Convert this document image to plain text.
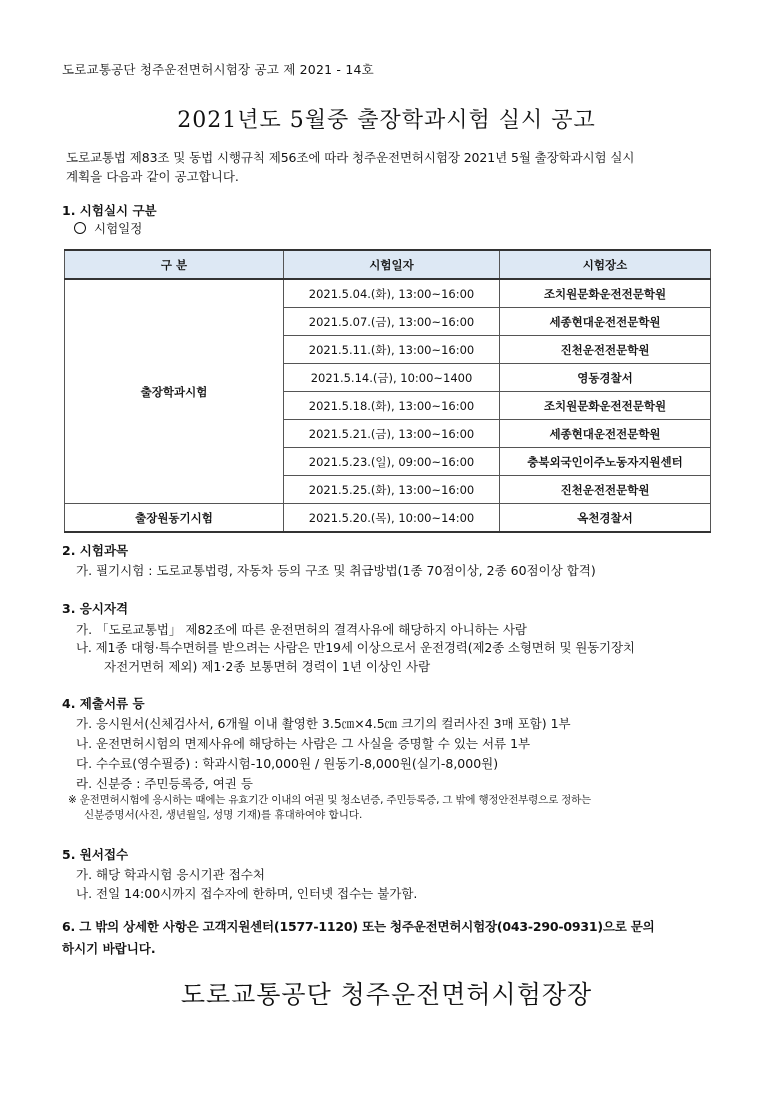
도로교통공단 청주운전면허시험장 공고 제 2021 - 14호
2021년도 5월중 출장학과시험 실시 공고
도로교통법 제83조 및 동법 시행규칙 제56조에 따라 청주운전면허시험장 2021년 5월 출장학과시험 실시
계획을 다음과 같이 공고합니다.
1. 시험실시 구분
시험일정
구 분	시험일자	시험장소
출장학과시험	2021.5.04.(화), 13:00~16:00	조치원문화운전전문학원
	2021.5.07.(금), 13:00~16:00	세종현대운전전문학원
	2021.5.11.(화), 13:00~16:00	진천운전전문학원
	2021.5.14.(금), 10:00~1400	영동경찰서
	2021.5.18.(화), 13:00~16:00	조치원문화운전전문학원
	2021.5.21.(금), 13:00~16:00	세종현대운전전문학원
	2021.5.23.(일), 09:00~16:00	충북외국인이주노동자지원센터
	2021.5.25.(화), 13:00~16:00	진천운전전문학원
출장원동기시험	2021.5.20.(목), 10:00~14:00	옥천경찰서
2. 시험과목
가. 필기시험 : 도로교통법령, 자동차 등의 구조 및 취급방법(1종 70점이상, 2종 60점이상 합격)
3. 응시자격
가. 「도로교통법」 제82조에 따른 운전면허의 결격사유에 해당하지 아니하는 사람
나. 제1종 대형·특수면허를 받으려는 사람은 만19세 이상으로서 운전경력(제2종 소형면허 및 원동기장치
자전거면허 제외) 제1·2종 보통면허 경력이 1년 이상인 사람
4. 제출서류 등
가. 응시원서(신체검사서, 6개월 이내 촬영한 3.5㎝×4.5㎝ 크기의 컬러사진 3매 포함) 1부
나. 운전면허시험의 면제사유에 해당하는 사람은 그 사실을 증명할 수 있는 서류 1부
다. 수수료(영수필증) : 학과시험-10,000원 / 원동기-8,000원(실기-8,000원)
라. 신분증 : 주민등록증, 여권 등
※ 운전면허시험에 응시하는 때에는 유효기간 이내의 여권 및 청소년증, 주민등록증, 그 밖에 행정안전부령으로 정하는
신분증명서(사진, 생년월일, 성명 기재)를 휴대하여야 합니다.
5. 원서접수
가. 해당 학과시험 응시기관 접수처
나. 전일 14:00시까지 접수자에 한하며, 인터넷 접수는 불가함.
6. 그 밖의 상세한 사항은 고객지원센터(1577-1120) 또는 청주운전면허시험장(043-290-0931)으로 문의
하시기 바랍니다.
도로교통공단 청주운전면허시험장장
